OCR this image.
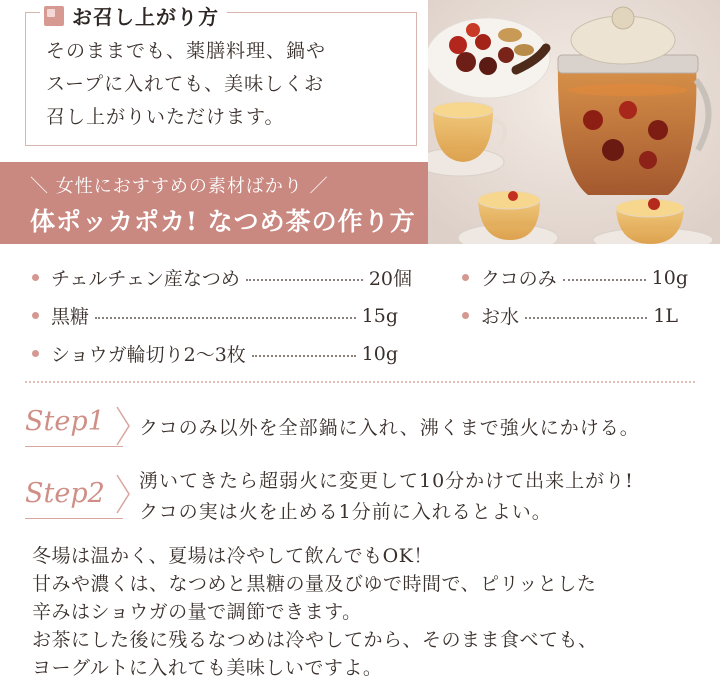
お召し上がり方
そのままでも、薬膳料理、鍋や
スープに入れても、美味しくお
召し上がりいただけます。
＼ 女性におすすめの素材ばかり ／
体ポッカポカ! なつめ茶の作り方
チェルチェン産なつめ	20個
黒糖	15g
ショウガ輪切り2～3枚	10g
クコのみ	10g
お水	1L
Step1 クコのみ以外を全部鍋に入れ、沸くまで強火にかける。
Step2 湧いてきたら超弱火に変更して10分かけて出来上がり!
クコの実は火を止める1分前に入れるとよい。
冬場は温かく、夏場は冷やして飲んでもOK！
甘みや濃くは、なつめと黒糖の量及びゆで時間で、ピリッとした
辛みはショウガの量で調節できます。
お茶にした後に残るなつめは冷やしてから、そのまま食べても、
ヨーグルトに入れても美味しいですよ。
